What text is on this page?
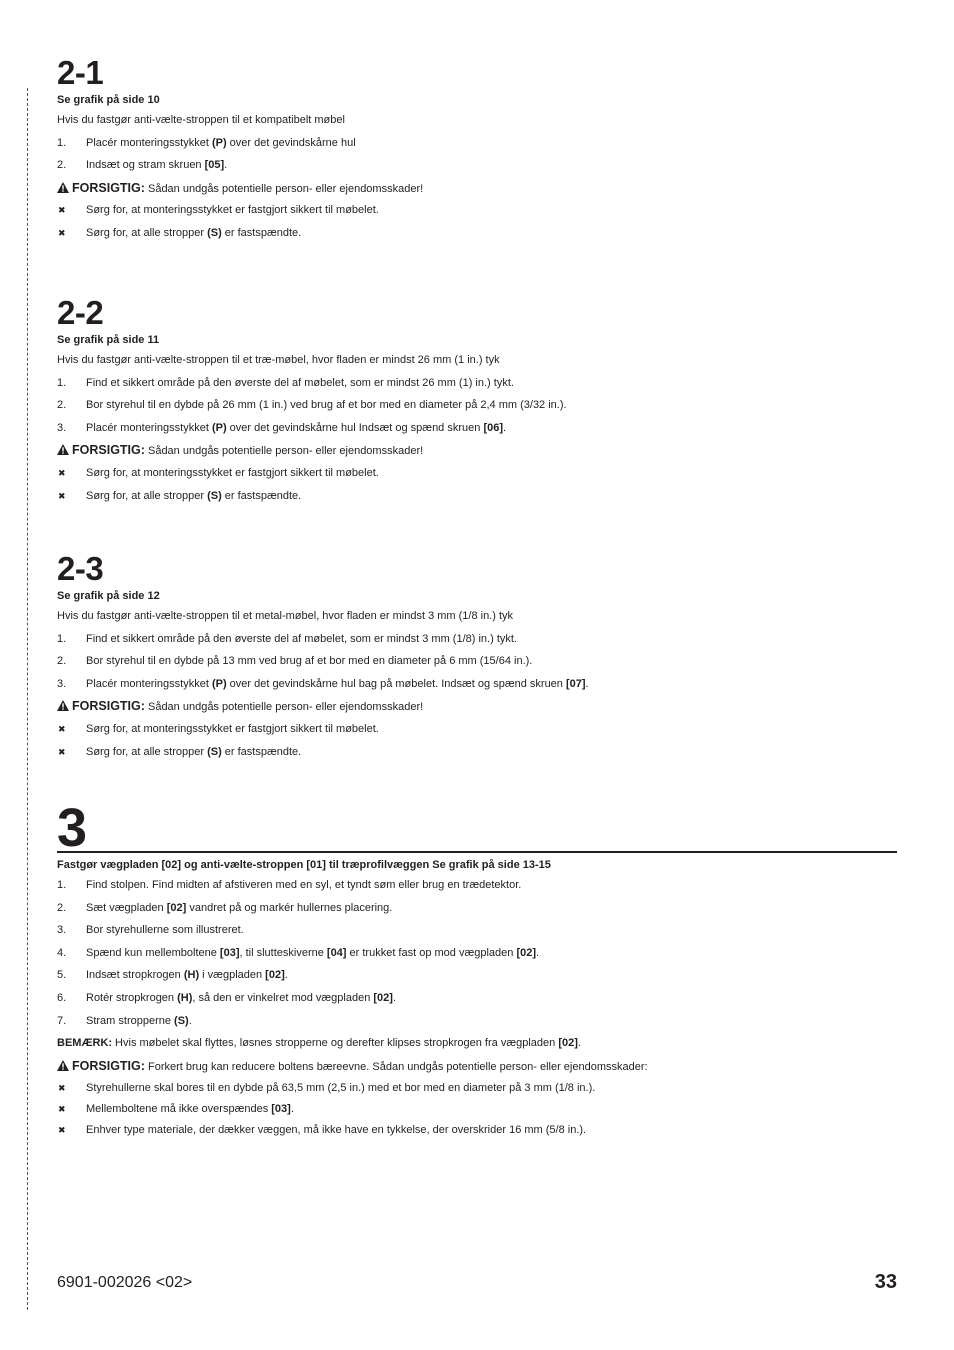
2-1
Se grafik på side 10
Hvis du fastgør anti-vælte-stroppen til et kompatibelt møbel
1. Placér monteringsstykket (P) over det gevindskårne hul
2. Indsæt og stram skruen [05].
FORSIGTIG: Sådan undgås potentielle person- eller ejendomsskader!
✖ Sørg for, at monteringsstykket er fastgjort sikkert til møbelet.
✖ Sørg for, at alle stropper (S) er fastspændte.
2-2
Se grafik på side 11
Hvis du fastgør anti-vælte-stroppen til et træ-møbel, hvor fladen er mindst 26 mm (1 in.) tyk
1. Find et sikkert område på den øverste del af møbelet, som er mindst 26 mm (1) in.) tykt.
2. Bor styrehul til en dybde på 26 mm (1 in.) ved brug af et bor med en diameter på 2,4 mm (3/32 in.).
3. Placér monteringsstykket (P) over det gevindskårne hul Indsæt og spænd skruen [06].
FORSIGTIG: Sådan undgås potentielle person- eller ejendomsskader!
✖ Sørg for, at monteringsstykket er fastgjort sikkert til møbelet.
✖ Sørg for, at alle stropper (S) er fastspændte.
2-3
Se grafik på side 12
Hvis du fastgør anti-vælte-stroppen til et metal-møbel, hvor fladen er mindst 3 mm (1/8 in.) tyk
1. Find et sikkert område på den øverste del af møbelet, som er mindst 3 mm (1/8) in.) tykt.
2. Bor styrehul til en dybde på 13 mm ved brug af et bor med en diameter på 6 mm (15/64 in.).
3. Placér monteringsstykket (P) over det gevindskårne hul bag på møbelet. Indsæt og spænd skruen [07].
FORSIGTIG: Sådan undgås potentielle person- eller ejendomsskader!
✖ Sørg for, at monteringsstykket er fastgjort sikkert til møbelet.
✖ Sørg for, at alle stropper (S) er fastspændte.
3
Fastgør vægpladen [02] og anti-vælte-stroppen [01] til træprofilvæggen Se grafik på side 13-15
1. Find stolpen. Find midten af afstiveren med en syl, et tyndt søm eller brug en trædetektor.
2. Sæt vægpladen [02] vandret på og markér hullernes placering.
3. Bor styrehullerne som illustreret.
4. Spænd kun mellemboltene [03], til slutteskiverne [04] er trukket fast op mod vægpladen [02].
5. Indsæt stropkrogen (H) i vægpladen [02].
6. Rotér stropkrogen (H), så den er vinkelret mod vægpladen [02].
7. Stram stropperne (S).
BEMÆRK: Hvis møbelet skal flyttes, løsnes stropperne og derefter klipses stropkrogen fra vægpladen [02].
FORSIGTIG: Forkert brug kan reducere boltens bæreevne. Sådan undgås potentielle person- eller ejendomsskader:
✖ Styrehullerne skal bores til en dybde på 63,5 mm (2,5 in.) med et bor med en diameter på 3 mm (1/8 in.).
✖ Mellemboltene må ikke overspændes [03].
✖ Enhver type materiale, der dækker væggen, må ikke have en tykkelse, der overskrider 16 mm (5/8 in.).
6901-002026 <02>	33
